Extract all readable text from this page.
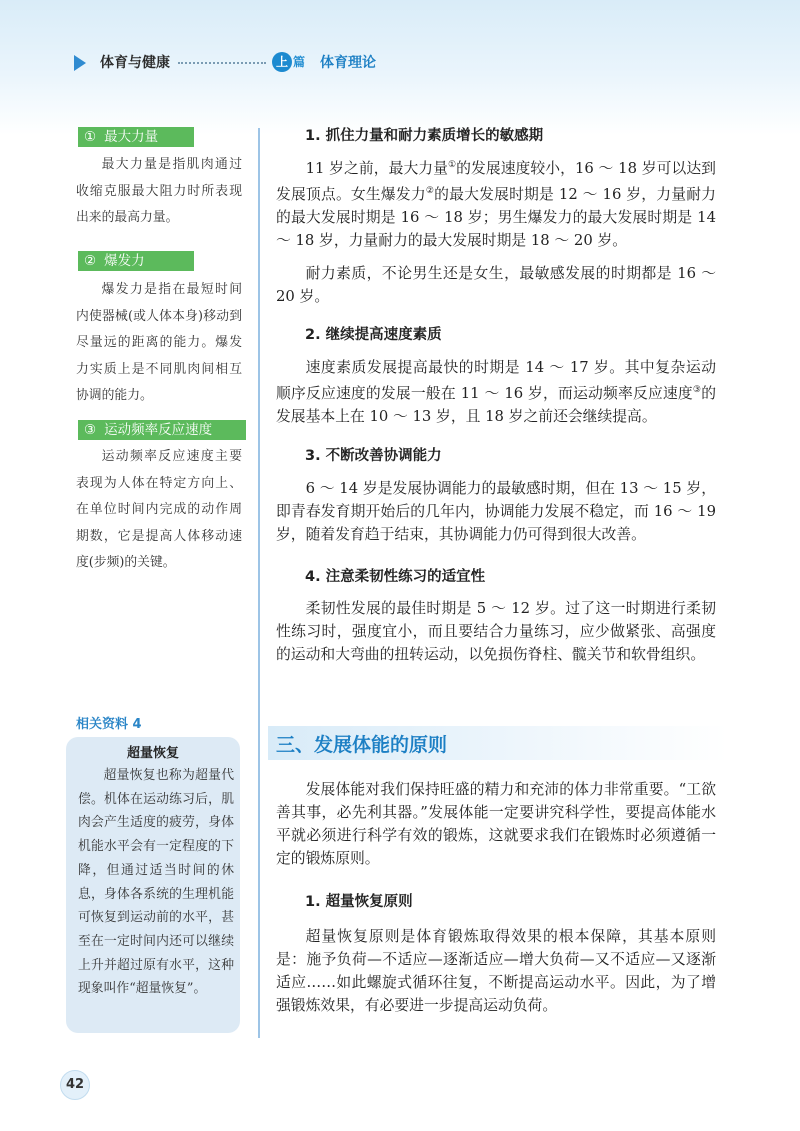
体育与健康	上 篇 体育理论
① 最大力量
最大力量是指肌肉通过收缩克服最大阻力时所表现出来的最高力量。
② 爆发力
爆发力是指在最短时间内使器械(或人体本身)移动到尽量远的距离的能力。爆发力实质上是不同肌肉间相互协调的能力。
③ 运动频率反应速度
运动频率反应速度主要表现为人体在特定方向上、在单位时间内完成的动作周期数，它是提高人体移动速度(步频)的关键。
相关资料 4
超量恢复
超量恢复也称为超量代偿。机体在运动练习后，肌肉会产生适度的疲劳，身体机能水平会有一定程度的下降，但通过适当时间的休息，身体各系统的生理机能可恢复到运动前的水平，甚至在一定时间内还可以继续上升并超过原有水平，这种现象叫作“超量恢复”。
1. 抓住力量和耐力素质增长的敏感期

11 岁之前，最大力量①的发展速度较小，16 ～ 18 岁可以达到发展顶点。女生爆发力②的最大发展时期是 12 ～ 16 岁，力量耐力的最大发展时期是 16 ～ 18 岁；男生爆发力的最大发展时期是 14 ～ 18 岁，力量耐力的最大发展时期是 18 ～ 20 岁。

耐力素质，不论男生还是女生，最敏感发展的时期都是 16 ～ 20 岁。

2. 继续提高速度素质

速度素质发展提高最快的时期是 14 ～ 17 岁。其中复杂运动顺序反应速度的发展一般在 11 ～ 16 岁，而运动频率反应速度③的发展基本上在 10 ～ 13 岁，且 18 岁之前还会继续提高。

3. 不断改善协调能力

6 ～ 14 岁是发展协调能力的最敏感时期，但在 13 ～ 15 岁，即青春发育期开始后的几年内，协调能力发展不稳定，而 16 ～ 19 岁，随着发育趋于结束，其协调能力仍可得到很大改善。

4. 注意柔韧性练习的适宜性

柔韧性发展的最佳时期是 5 ～ 12 岁。过了这一时期进行柔韧性练习时，强度宜小，而且要结合力量练习，应少做紧张、高强度的运动和大弯曲的扭转运动，以免损伤脊柱、髋关节和软骨组织。

三、发展体能的原则

发展体能对我们保持旺盛的精力和充沛的体力非常重要。“工欲善其事，必先利其器。”发展体能一定要讲究科学性，要提高体能水平就必须进行科学有效的锻炼，这就要求我们在锻炼时必须遵循一定的锻炼原则。

1. 超量恢复原则

超量恢复原则是体育锻炼取得效果的根本保障，其基本原则是：施予负荷—不适应—逐渐适应—增大负荷—又不适应—又逐渐适应……如此螺旋式循环往复，不断提高运动水平。因此，为了增强锻炼效果，有必要进一步提高运动负荷。

42
